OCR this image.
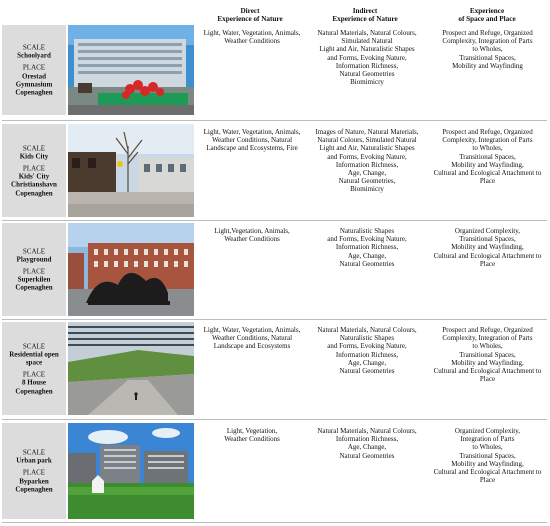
Direct
Experience of Nature
Indirect
Experience of Nature
Experience
of Space and Place
SCALE
Schoolyard
PLACE
Orestad
Gymnasium
Copenaghen
Light, Water, Vegetation, Animals,
Weather Conditions
Natural Materials, Natural Colours,
Simulated Natural
Light and Air, Naturalistic Shapes
and Forms, Evoking Nature,
Information Richness,
Natural Geometries
Biomimicry
Prospect and Refuge, Organized
Complexity, Integration of Parts
to Wholes,
Transitional Spaces,
Mobility and Wayfinding
SCALE
Kids City
PLACE
Kids' City
Christianshavn
Copenaghen
Light, Water, Vegetation, Animals,
Weather Conditions, Natural
Landscape and Ecosystems, Fire
Images of Nature, Natural Materials,
Natural Colours, Simulated Natural
Light and Air, Naturalistic Shapes
and Forms, Evoking Nature,
Information Richness,
Age, Change,
Natural Geometries,
Biomimicry
Prospect and Refuge, Organized
Complexity, Integration of Parts
to Wholes,
Transitional Spaces,
Mobility and Wayfinding,
Cultural and Ecological Attachment to
Place
SCALE
Playground
PLACE
Superkilen
Copenaghen
Light,Vegetation, Animals,
Weather Conditions
Naturalistic Shapes
and Forms, Evoking Nature,
Information Richness,
Age, Change,
Natural Geometries
Organized Complexity,
Transitional Spaces,
Mobility and Wayfinding,
Cultural and Ecological Attachment to
Place
SCALE
Residential open space
PLACE
8 House
Copenaghen
Light, Water, Vegetation, Animals,
Weather Conditions, Natural
Landscape and Ecosystems
Natural Materials, Natural Colours,
Naturalistic Shapes
and Forms, Evoking Nature,
Information Richness,
Age, Change,
Natural Geometries
Prospect and Refuge, Organized
Complexity, Integration of Parts
to Wholes,
Transitional Spaces,
Mobility and Wayfinding,
Cultural and Ecological Attachment to
Place
SCALE
Urban park
PLACE
Byparken
Copenaghen
Light, Vegetation,
Weather Conditions
Natural Materials, Natural Colours,
Information Richness,
Age, Change,
Natural Geometries
Organized Complexity,
Integration of Parts
to Wholes,
Transitional Spaces,
Mobility and Wayfinding,
Cultural and Ecological Attachment to
Place
